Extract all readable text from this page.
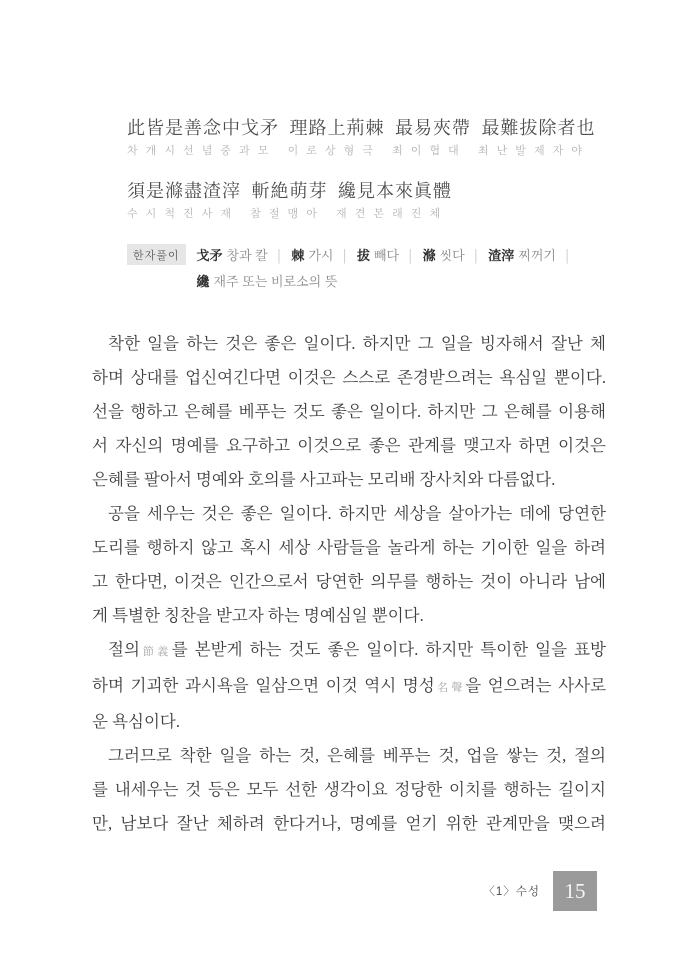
此皆是善念中戈矛 理路上荊棘 最易夾帶 最難拔除者也
차 개 시 선 념 중 과 모   이 로 상 형 극   최 이 협 대   최 난 발 제 자 야
須是滌盡渣滓 斬絶萌芽 纔見本來眞體
수 시 척 진 사 재   참 절 맹 아   재 견 본 래 진 체
한자풀이	戈矛 창과 칼 │ 棘 가시 │ 拔 빼다 │ 滌 씻다 │ 渣滓 찌꺼기 │
纔 재주 또는 비로소의 뜻
착한 일을 하는 것은 좋은 일이다. 하지만 그 일을 빙자해서 잘난 체
하며 상대를 업신여긴다면 이것은 스스로 존경받으려는 욕심일 뿐이다.
선을 행하고 은혜를 베푸는 것도 좋은 일이다. 하지만 그 은혜를 이용해
서 자신의 명예를 요구하고 이것으로 좋은 관계를 맺고자 하면 이것은
은혜를 팔아서 명예와 호의를 사고파는 모리배 장사치와 다름없다.
공을 세우는 것은 좋은 일이다. 하지만 세상을 살아가는 데에 당연한
도리를 행하지 않고 혹시 세상 사람들을 놀라게 하는 기이한 일을 하려
고 한다면, 이것은 인간으로서 당연한 의무를 행하는 것이 아니라 남에
게 특별한 칭찬을 받고자 하는 명예심일 뿐이다.
절의節義를 본받게 하는 것도 좋은 일이다. 하지만 특이한 일을 표방
하며 기괴한 과시욕을 일삼으면 이것 역시 명성名聲을 얻으려는 사사로
운 욕심이다.
그러므로 착한 일을 하는 것, 은혜를 베푸는 것, 업을 쌓는 것, 절의
를 내세우는 것 등은 모두 선한 생각이요 정당한 이치를 행하는 길이지
만, 남보다 잘난 체하려 한다거나, 명예를 얻기 위한 관계만을 맺으려
〈1〉수성	15
